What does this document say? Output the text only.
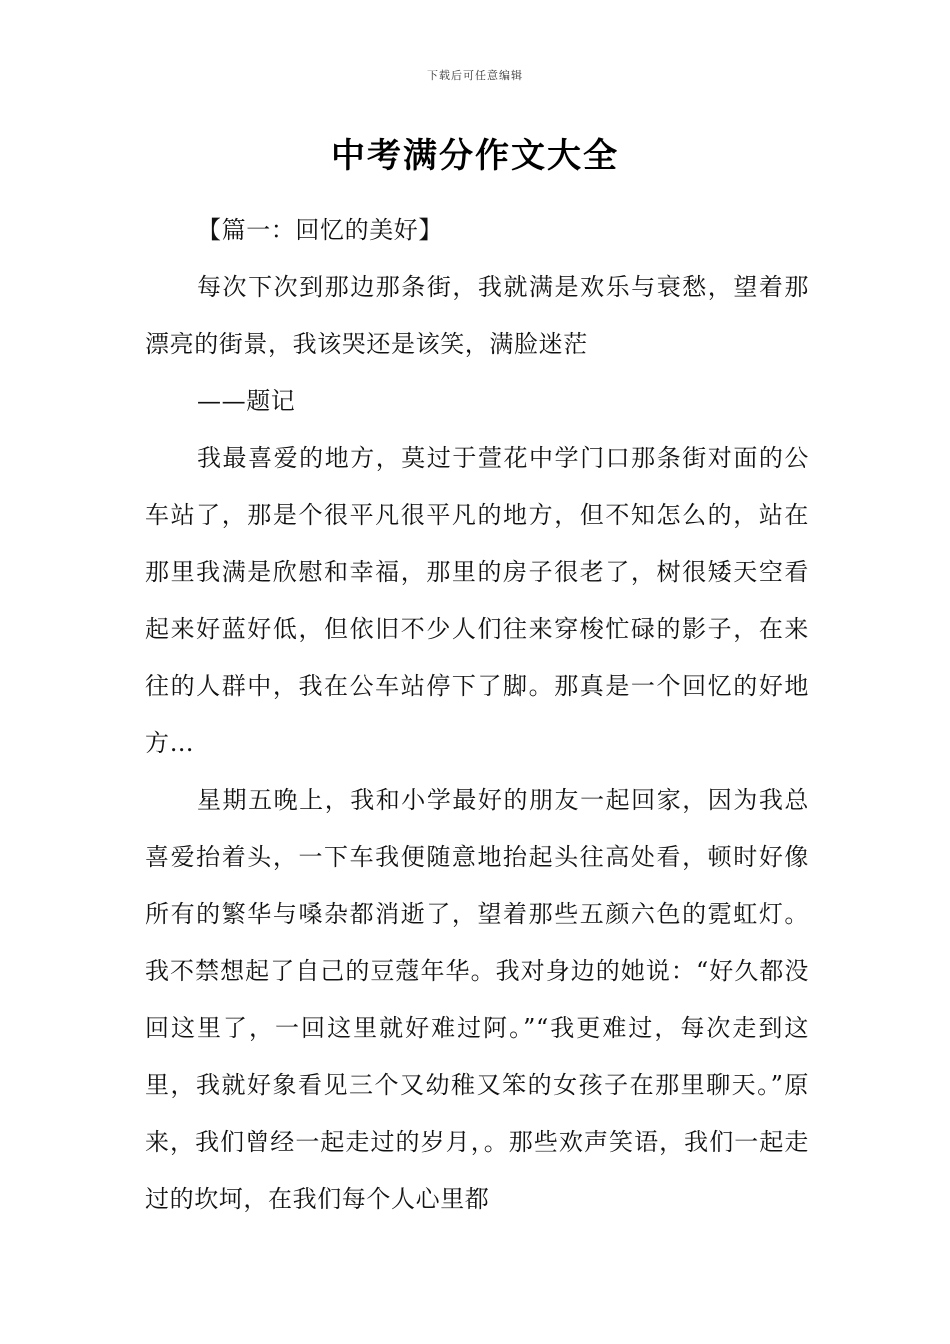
下载后可任意编辑
中考满分作文大全

【篇一：回忆的美好】

每次下次到那边那条街，我就满是欢乐与衰愁，望着那漂亮的街景，我该哭还是该笑，满脸迷茫

——题记

我最喜爱的地方，莫过于萱花中学门口那条街对面的公车站了，那是个很平凡很平凡的地方，但不知怎么的，站在那里我满是欣慰和幸福，那里的房子很老了，树很矮天空看起来好蓝好低，但依旧不少人们往来穿梭忙碌的影子，在来往的人群中，我在公车站停下了脚。那真是一个回忆的好地方…

星期五晚上，我和小学最好的朋友一起回家，因为我总喜爱抬着头，一下车我便随意地抬起头往高处看，顿时好像所有的繁华与嗓杂都消逝了，望着那些五颜六色的霓虹灯。我不禁想起了自己的豆蔻年华。我对身边的她说：“好久都没回这里了，一回这里就好难过阿。”“我更难过，每次走到这里，我就好象看见三个又幼稚又笨的女孩子在那里聊天。”原来，我们曾经一起走过的岁月，。那些欢声笑语，我们一起走过的坎坷，在我们每个人心里都
